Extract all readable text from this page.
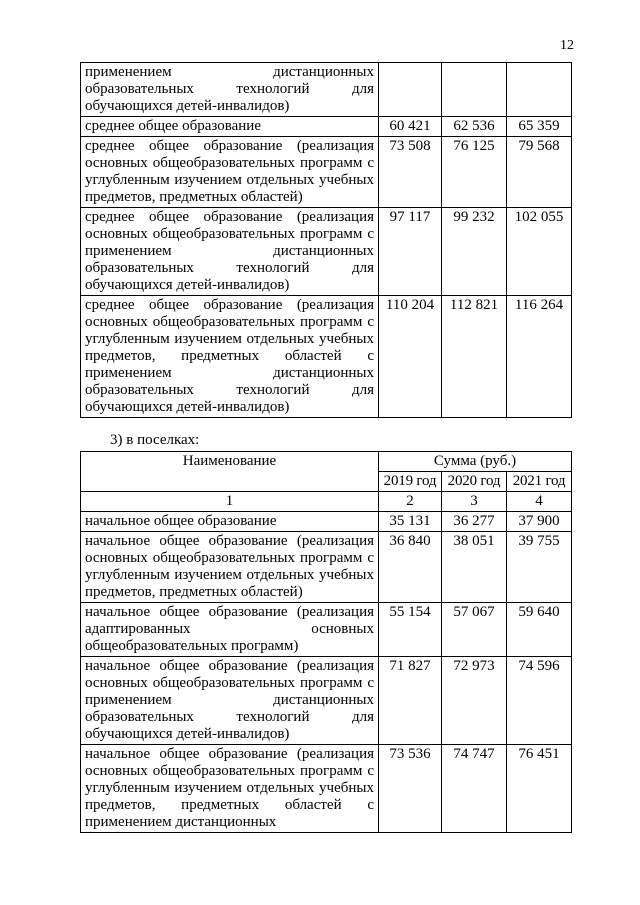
12
применением дистанционных образовательных технологий для обучающихся детей-инвалидов)			
среднее общее образование	60 421	62 536	65 359
среднее общее образование (реализация основных общеобразовательных программ с углубленным изучением отдельных учебных предметов, предметных областей)	73 508	76 125	79 568
среднее общее образование (реализация основных общеобразовательных программ с применением дистанционных образовательных технологий для обучающихся детей-инвалидов)	97 117	99 232	102 055
среднее общее образование (реализация основных общеобразовательных программ с углубленным изучением отдельных учебных предметов, предметных областей с применением дистанционных образовательных технологий для обучающихся детей-инвалидов)	110 204	112 821	116 264
3) в поселках:
Наименование	Сумма (руб.)		
	2019 год	2020 год	2021 год
1	2	3	4
начальное общее образование	35 131	36 277	37 900
начальное общее образование (реализация основных общеобразовательных программ с углубленным изучением отдельных учебных предметов, предметных областей)	36 840	38 051	39 755
начальное общее образование (реализация адаптированных основных общеобразовательных программ)	55 154	57 067	59 640
начальное общее образование (реализация основных общеобразовательных программ с применением дистанционных образовательных технологий для обучающихся детей-инвалидов)	71 827	72 973	74 596
начальное общее образование (реализация основных общеобразовательных программ с углубленным изучением отдельных учебных предметов, предметных областей с применением дистанционных	73 536	74 747	76 451
